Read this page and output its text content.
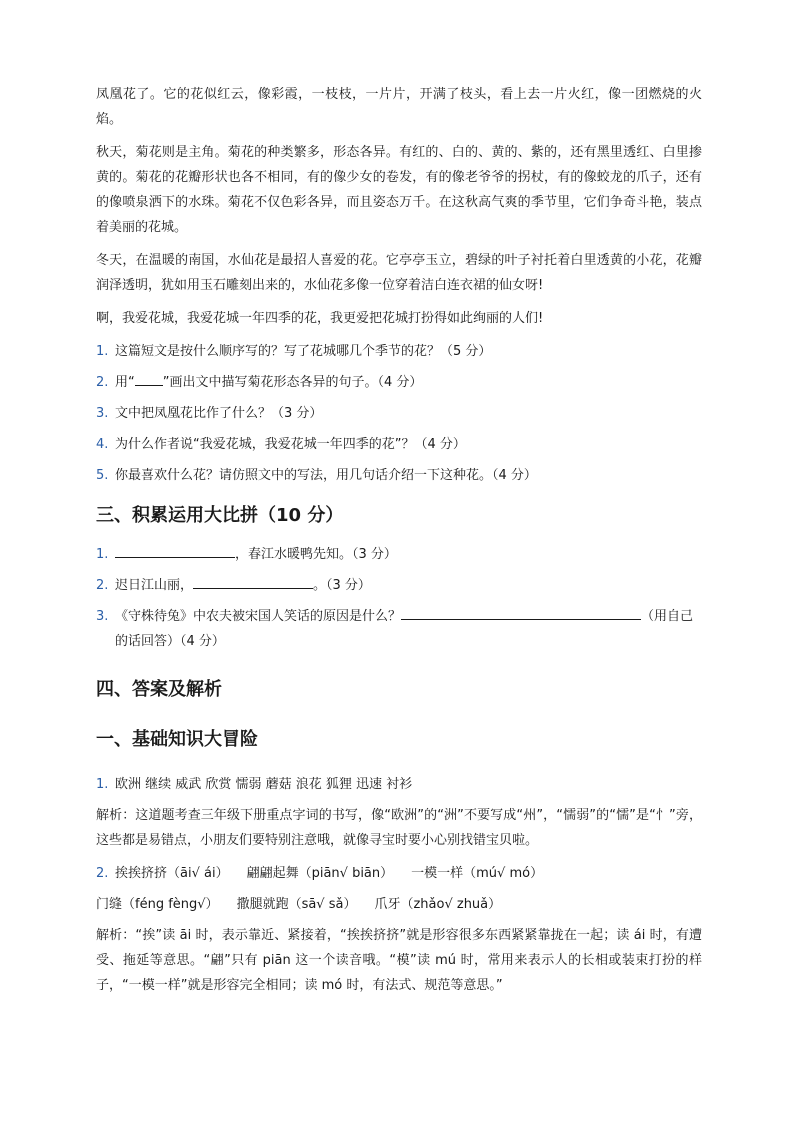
凤凰花了。它的花似红云，像彩霞，一枝枝，一片片，开满了枝头，看上去一片火红，像一团燃烧的火焰。

秋天，菊花则是主角。菊花的种类繁多，形态各异。有红的、白的、黄的、紫的，还有黑里透红、白里掺黄的。菊花的花瓣形状也各不相同，有的像少女的卷发，有的像老爷爷的拐杖，有的像蛟龙的爪子，还有的像喷泉洒下的水珠。菊花不仅色彩各异，而且姿态万千。在这秋高气爽的季节里，它们争奇斗艳，装点着美丽的花城。

冬天，在温暖的南国，水仙花是最招人喜爱的花。它亭亭玉立，碧绿的叶子衬托着白里透黄的小花，花瓣润泽透明，犹如用玉石雕刻出来的，水仙花多像一位穿着洁白连衣裙的仙女呀!

啊，我爱花城，我爱花城一年四季的花，我更爱把花城打扮得如此绚丽的人们!

1. 这篇短文是按什么顺序写的？写了花城哪几个季节的花？（5 分）
2. 用“ ”画出文中描写菊花形态各异的句子。（4 分）
3. 文中把凤凰花比作了什么？（3 分）
4. 为什么作者说“我爱花城，我爱花城一年四季的花”？（4 分）
5. 你最喜欢什么花？请仿照文中的写法，用几句话介绍一下这种花。（4 分）
三、积累运用大比拼（10 分）
1.	，春江水暖鸭先知。（3 分）
2. 迟日江山丽，	。（3 分）
3. 《守株待兔》中农夫被宋国人笑话的原因是什么？	（用自己的话回答）（4 分）
四、答案及解析
一、基础知识大冒险
1. 欧洲 继续 威武 欣赏 懦弱 蘑菇 浪花 狐狸 迅速 衬衫

解析：这道题考查三年级下册重点字词的书写，像“欧洲”的“洲”不要写成“州”，“懦弱”的“懦”是“忄”旁，这些都是易错点，小朋友们要特别注意哦，就像寻宝时要小心别找错宝贝啦。

2. 挨挨挤挤（āi√ ái） 翩翩起舞（piān√ biān） 一模一样（mú√ mó）
门缝（féng fèng√） 撒腿就跑（sā√ sǎ） 爪牙（zhǎo√ zhuǎ）

解析：“挨”读 āi 时，表示靠近、紧接着，“挨挨挤挤”就是形容很多东西紧紧靠拢在一起；读 ái 时，有遭受、拖延等意思。“翩”只有 piān 这一个读音哦。“模”读 mú 时，常用来表示人的长相或装束打扮的样子，“一模一样”就是形容完全相同；读 mó 时，有法式、规范等意思。”
